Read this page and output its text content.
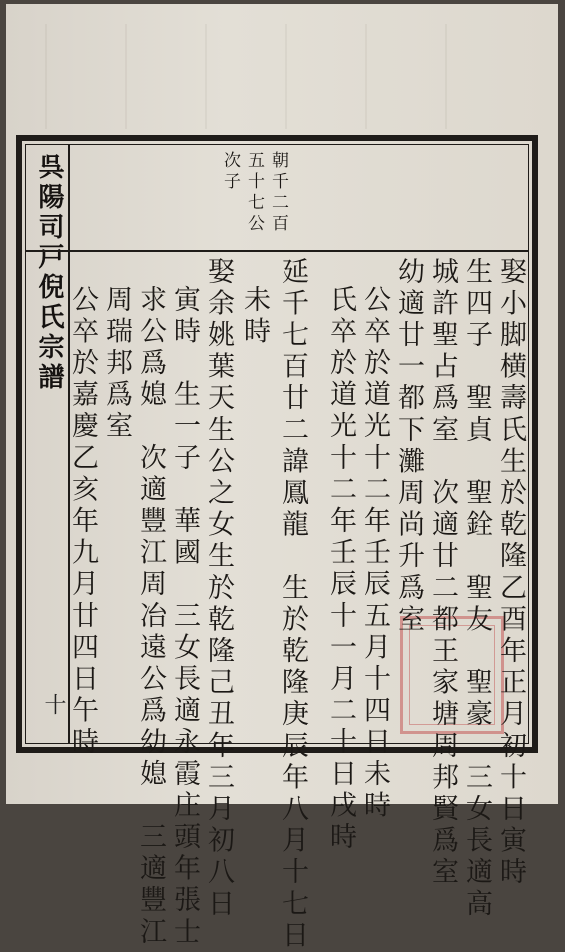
呉陽司戸倪氏宗譜
十
朝千二百
五十七公
次子
娶小脚横壽氏生於乾隆乙酉年正月初十日寅時
生四子　聖貞　聖銓　聖友　聖豪　三女長適高
城許聖占爲室　次適廿二都王家塘周邦賢爲室
幼適廿一都下灘周尚升爲室
公卒於道光十二年壬辰五月十四日未時
氏卒於道光十二年壬辰十一月二十日戌時
延千七百廿二諱鳳龍　生於乾隆庚辰年八月十七日
未時
娶余姚葉天生公之女生於乾隆己丑年三月初八日
寅時　生一子　華國　三女長適永霞庄頭年張士
求公爲媳　次適豐江周冶遠公爲幼媳　三適豐江
周瑞邦爲室
公卒於嘉慶乙亥年九月廿四日午時
